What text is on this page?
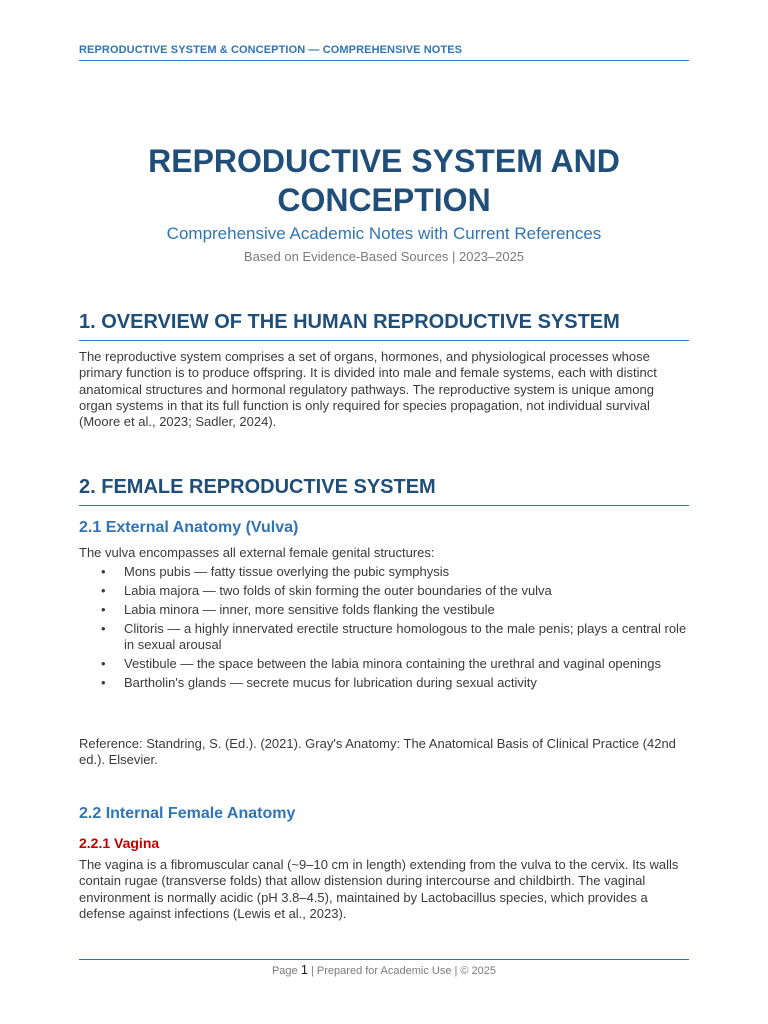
REPRODUCTIVE SYSTEM & CONCEPTION — COMPREHENSIVE NOTES
REPRODUCTIVE SYSTEM AND
CONCEPTION
Comprehensive Academic Notes with Current References
Based on Evidence-Based Sources | 2023–2025
1. OVERVIEW OF THE HUMAN REPRODUCTIVE SYSTEM
The reproductive system comprises a set of organs, hormones, and physiological processes whose primary function is to produce offspring. It is divided into male and female systems, each with distinct anatomical structures and hormonal regulatory pathways. The reproductive system is unique among organ systems in that its full function is only required for species propagation, not individual survival (Moore et al., 2023; Sadler, 2024).
2. FEMALE REPRODUCTIVE SYSTEM
2.1 External Anatomy (Vulva)
The vulva encompasses all external female genital structures:
• Mons pubis — fatty tissue overlying the pubic symphysis
• Labia majora — two folds of skin forming the outer boundaries of the vulva
• Labia minora — inner, more sensitive folds flanking the vestibule
• Clitoris — a highly innervated erectile structure homologous to the male penis; plays a central role in sexual arousal
• Vestibule — the space between the labia minora containing the urethral and vaginal openings
• Bartholin's glands — secrete mucus for lubrication during sexual activity
Reference: Standring, S. (Ed.). (2021). Gray's Anatomy: The Anatomical Basis of Clinical Practice (42nd ed.). Elsevier.
2.2 Internal Female Anatomy
2.2.1 Vagina
The vagina is a fibromuscular canal (~9–10 cm in length) extending from the vulva to the cervix. Its walls contain rugae (transverse folds) that allow distension during intercourse and childbirth. The vaginal environment is normally acidic (pH 3.8–4.5), maintained by Lactobacillus species, which provides a defense against infections (Lewis et al., 2023).
Page 1 | Prepared for Academic Use | © 2025
